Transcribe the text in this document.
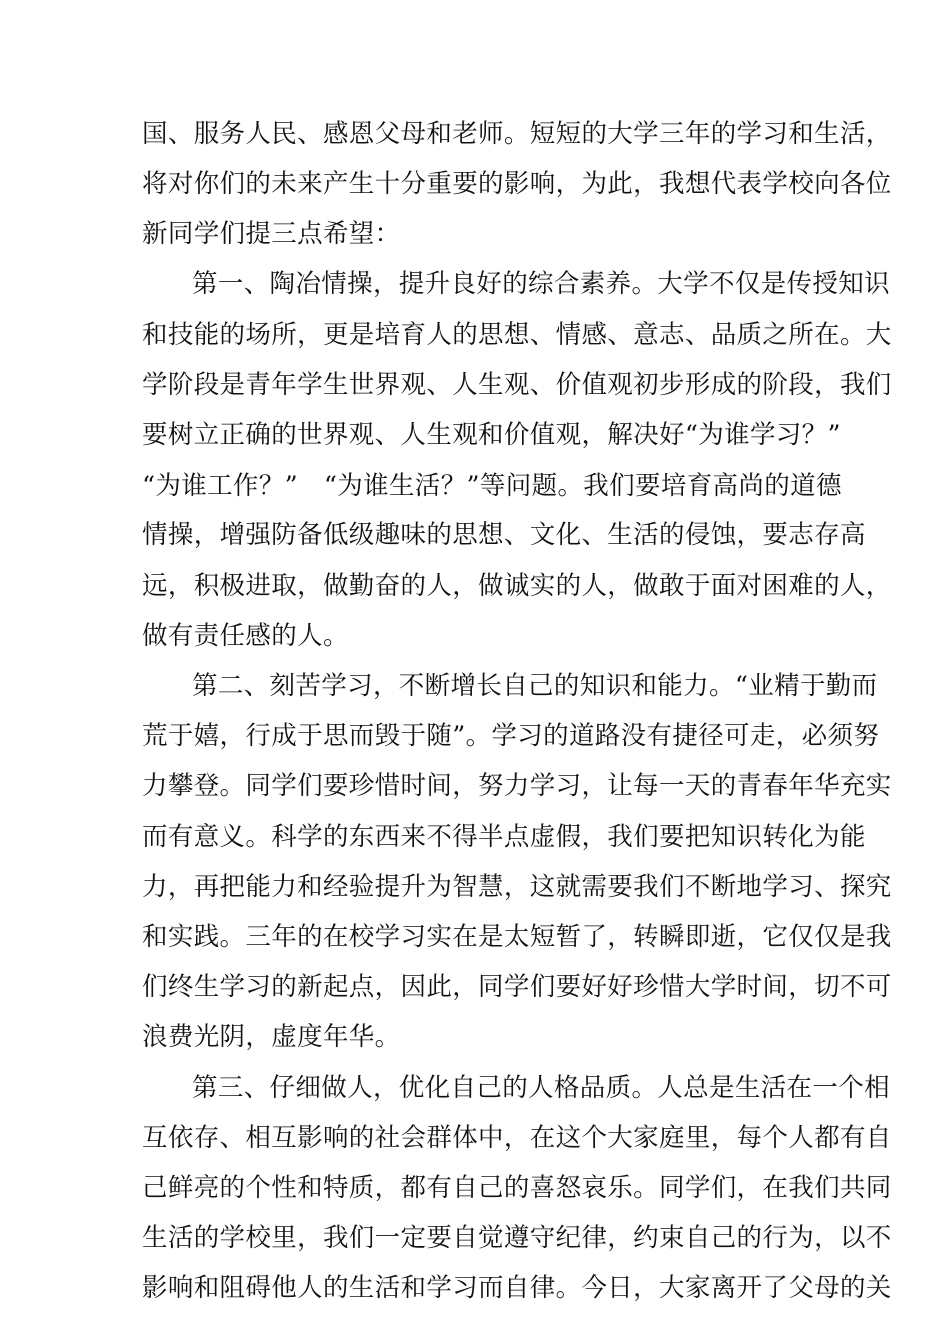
国、服务人民、感恩父母和老师。短短的大学三年的学习和生活，
将对你们的未来产生十分重要的影响，为此，我想代表学校向各位
新同学们提三点希望：
第一、陶冶情操，提升良好的综合素养。大学不仅是传授知识
和技能的场所，更是培育人的思想、情感、意志、品质之所在。大
学阶段是青年学生世界观、人生观、价值观初步形成的阶段，我们
要树立正确的世界观、人生观和价值观，解决好“为谁学习？”
“为谁工作？”　“为谁生活？”等问题。我们要培育高尚的道德
情操，增强防备低级趣味的思想、文化、生活的侵蚀，要志存高
远，积极进取，做勤奋的人，做诚实的人，做敢于面对困难的人，
做有责任感的人。
第二、刻苦学习，不断增长自己的知识和能力。“业精于勤而
荒于嬉，行成于思而毁于随”。学习的道路没有捷径可走，必须努
力攀登。同学们要珍惜时间，努力学习，让每一天的青春年华充实
而有意义。科学的东西来不得半点虚假，我们要把知识转化为能
力，再把能力和经验提升为智慧，这就需要我们不断地学习、探究
和实践。三年的在校学习实在是太短暂了，转瞬即逝，它仅仅是我
们终生学习的新起点，因此，同学们要好好珍惜大学时间，切不可
浪费光阴，虚度年华。
第三、仔细做人，优化自己的人格品质。人总是生活在一个相
互依存、相互影响的社会群体中，在这个大家庭里，每个人都有自
己鲜亮的个性和特质，都有自己的喜怒哀乐。同学们，在我们共同
生活的学校里，我们一定要自觉遵守纪律，约束自己的行为，以不
影响和阻碍他人的生活和学习而自律。今日，大家离开了父母的关
